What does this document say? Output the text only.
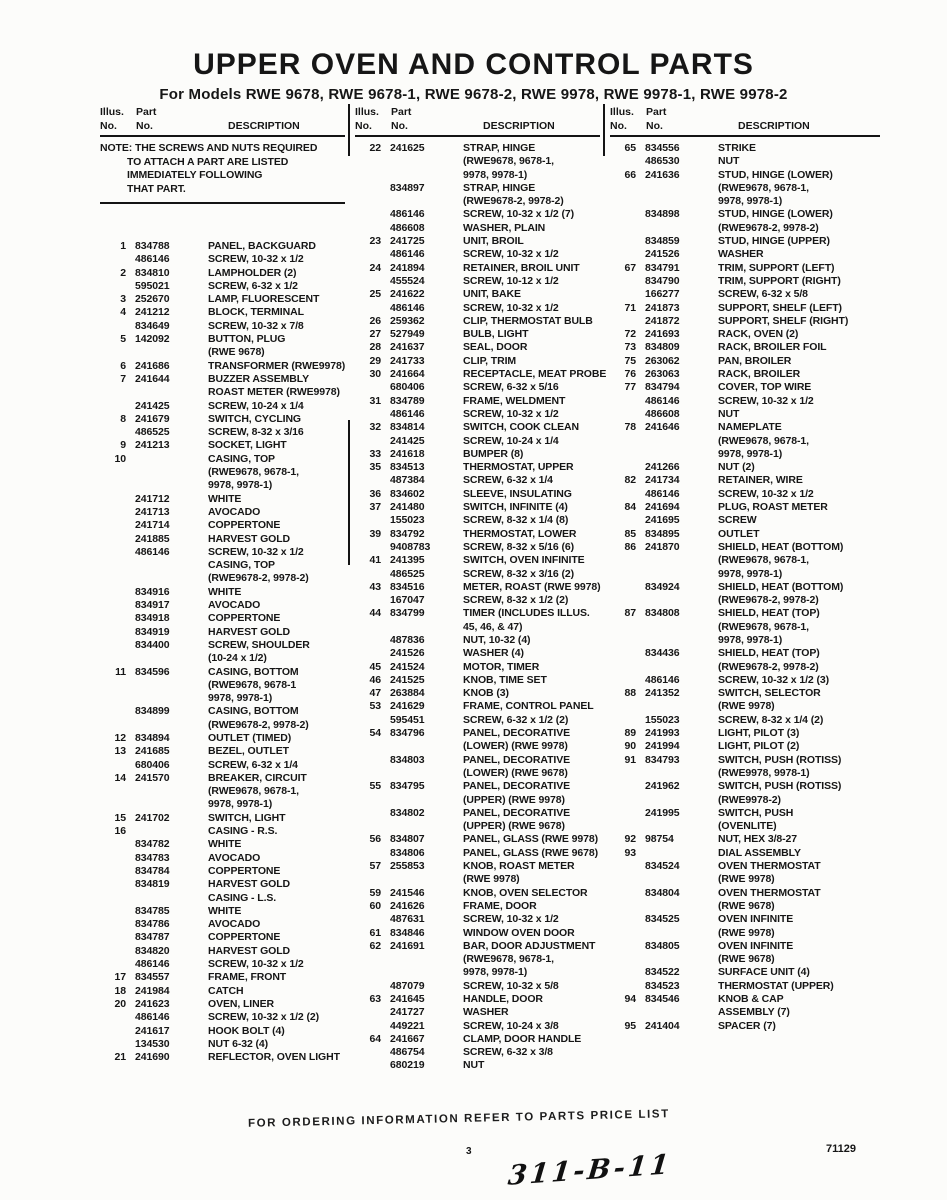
UPPER OVEN AND CONTROL PARTS
For Models RWE 9678, RWE 9678-1, RWE 9678-2, RWE 9978, RWE 9978-1, RWE 9978-2
Illus.	Part
No.	No.	DESCRIPTION
NOTE: THE SCREWS AND NUTS REQUIRED
TO ATTACH A PART ARE LISTED
IMMEDIATELY FOLLOWING
THAT PART.
1 834788	PANEL, BACKGUARD
486146	SCREW, 10-32 x 1/2
2 834810	LAMPHOLDER (2)
595021	SCREW, 6-32 x 1/2
3 252670	LAMP, FLUORESCENT
4 241212	BLOCK, TERMINAL
834649	SCREW, 10-32 x 7/8
5 142092	BUTTON, PLUG
(RWE 9678)
6 241686	TRANSFORMER (RWE9978)
7 241644	BUZZER ASSEMBLY
ROAST METER (RWE9978)
241425	SCREW, 10-24 x 1/4
8 241679	SWITCH, CYCLING
486525	SCREW, 8-32 x 3/16
9 241213	SOCKET, LIGHT
10	CASING, TOP
(RWE9678, 9678-1,
9978, 9978-1)
241712	WHITE
241713	AVOCADO
241714	COPPERTONE
241885	HARVEST GOLD
486146	SCREW, 10-32 x 1/2
CASING, TOP
(RWE9678-2, 9978-2)
834916	WHITE
834917	AVOCADO
834918	COPPERTONE
834919	HARVEST GOLD
834400	SCREW, SHOULDER
(10-24 x 1/2)
11 834596	CASING, BOTTOM
(RWE9678, 9678-1
9978, 9978-1)
834899	CASING, BOTTOM
(RWE9678-2, 9978-2)
12 834894	OUTLET (TIMED)
13 241685	BEZEL, OUTLET
680406	SCREW, 6-32 x 1/4
14 241570	BREAKER, CIRCUIT
(RWE9678, 9678-1,
9978, 9978-1)
15 241702	SWITCH, LIGHT
16	CASING - R.S.
834782	WHITE
834783	AVOCADO
834784	COPPERTONE
834819	HARVEST GOLD
CASING - L.S.
834785	WHITE
834786	AVOCADO
834787	COPPERTONE
834820	HARVEST GOLD
486146	SCREW, 10-32 x 1/2
17 834557	FRAME, FRONT
18 241984	CATCH
20 241623	OVEN, LINER
486146	SCREW, 10-32 x 1/2 (2)
241617	HOOK BOLT (4)
134530	NUT 6-32 (4)
21 241690	REFLECTOR, OVEN LIGHT
Illus.	Part
No.	No.	DESCRIPTION
22 241625	STRAP, HINGE
(RWE9678, 9678-1,
9978, 9978-1)
834897	STRAP, HINGE
(RWE9678-2, 9978-2)
486146	SCREW, 10-32 x 1/2 (7)
486608	WASHER, PLAIN
23 241725	UNIT, BROIL
486146	SCREW, 10-32 x 1/2
24 241894	RETAINER, BROIL UNIT
455524	SCREW, 10-12 x 1/2
25 241622	UNIT, BAKE
486146	SCREW, 10-32 x 1/2
26 259362	CLIP, THERMOSTAT BULB
27 527949	BULB, LIGHT
28 241637	SEAL, DOOR
29 241733	CLIP, TRIM
30 241664	RECEPTACLE, MEAT PROBE
680406	SCREW, 6-32 x 5/16
31 834789	FRAME, WELDMENT
486146	SCREW, 10-32 x 1/2
32 834814	SWITCH, COOK CLEAN
241425	SCREW, 10-24 x 1/4
33 241618	BUMPER (8)
35 834513	THERMOSTAT, UPPER
487384	SCREW, 6-32 x 1/4
36 834602	SLEEVE, INSULATING
37 241480	SWITCH, INFINITE (4)
155023	SCREW, 8-32 x 1/4 (8)
39 834792	THERMOSTAT, LOWER
9408783	SCREW, 8-32 x 5/16 (6)
41 241395	SWITCH, OVEN INFINITE
486525	SCREW, 8-32 x 3/16 (2)
43 834516	METER, ROAST (RWE 9978)
167047	SCREW, 8-32 x 1/2 (2)
44 834799	TIMER (INCLUDES ILLUS.
45, 46, & 47)
487836	NUT, 10-32 (4)
241526	WASHER (4)
45 241524	MOTOR, TIMER
46 241525	KNOB, TIME SET
47 263884	KNOB (3)
53 241629	FRAME, CONTROL PANEL
595451	SCREW, 6-32 x 1/2 (2)
54 834796	PANEL, DECORATIVE
(LOWER) (RWE 9978)
834803	PANEL, DECORATIVE
(LOWER) (RWE 9678)
55 834795	PANEL, DECORATIVE
(UPPER) (RWE 9978)
834802	PANEL, DECORATIVE
(UPPER) (RWE 9678)
56 834807	PANEL, GLASS (RWE 9978)
834806	PANEL, GLASS (RWE 9678)
57 255853	KNOB, ROAST METER
(RWE 9978)
59 241546	KNOB, OVEN SELECTOR
60 241626	FRAME, DOOR
487631	SCREW, 10-32 x 1/2
61 834846	WINDOW OVEN DOOR
62 241691	BAR, DOOR ADJUSTMENT
(RWE9678, 9678-1,
9978, 9978-1)
487079	SCREW, 10-32 x 5/8
63 241645	HANDLE, DOOR
241727	WASHER
449221	SCREW, 10-24 x 3/8
64 241667	CLAMP, DOOR HANDLE
486754	SCREW, 6-32 x 3/8
680219	NUT
Illus.	Part
No.	No.	DESCRIPTION
65 834556	STRIKE
486530	NUT
66 241636	STUD, HINGE (LOWER)
(RWE9678, 9678-1,
9978, 9978-1)
834898	STUD, HINGE (LOWER)
(RWE9678-2, 9978-2)
834859	STUD, HINGE (UPPER)
241526	WASHER
67 834791	TRIM, SUPPORT (LEFT)
834790	TRIM, SUPPORT (RIGHT)
166277	SCREW, 6-32 x 5/8
71 241873	SUPPORT, SHELF (LEFT)
241872	SUPPORT, SHELF (RIGHT)
72 241693	RACK, OVEN (2)
73 834809	RACK, BROILER FOIL
75 263062	PAN, BROILER
76 263063	RACK, BROILER
77 834794	COVER, TOP WIRE
486146	SCREW, 10-32 x 1/2
486608	NUT
78 241646	NAMEPLATE
(RWE9678, 9678-1,
9978, 9978-1)
241266	NUT (2)
82 241734	RETAINER, WIRE
486146	SCREW, 10-32 x 1/2
84 241694	PLUG, ROAST METER
241695	SCREW
85 834895	OUTLET
86 241870	SHIELD, HEAT (BOTTOM)
(RWE9678, 9678-1,
9978, 9978-1)
834924	SHIELD, HEAT (BOTTOM)
(RWE9678-2, 9978-2)
87 834808	SHIELD, HEAT (TOP)
(RWE9678, 9678-1,
9978, 9978-1)
834436	SHIELD, HEAT (TOP)
(RWE9678-2, 9978-2)
486146	SCREW, 10-32 x 1/2 (3)
88 241352	SWITCH, SELECTOR
(RWE 9978)
155023	SCREW, 8-32 x 1/4 (2)
89 241993	LIGHT, PILOT (3)
90 241994	LIGHT, PILOT (2)
91 834793	SWITCH, PUSH (ROTISS)
(RWE9978, 9978-1)
241962	SWITCH, PUSH (ROTISS)
(RWE9978-2)
241995	SWITCH, PUSH
(OVENLITE)
92 98754	NUT, HEX 3/8-27
93	DIAL ASSEMBLY
834524	OVEN THERMOSTAT
(RWE 9978)
834804	OVEN THERMOSTAT
(RWE 9678)
834525	OVEN INFINITE
(RWE 9978)
834805	OVEN INFINITE
(RWE 9678)
834522	SURFACE UNIT (4)
834523	THERMOSTAT (UPPER)
94 834546	KNOB & CAP
ASSEMBLY (7)
95 241404	SPACER (7)
FOR ORDERING INFORMATION REFER TO PARTS PRICE LIST
3	71129
311-B-11
